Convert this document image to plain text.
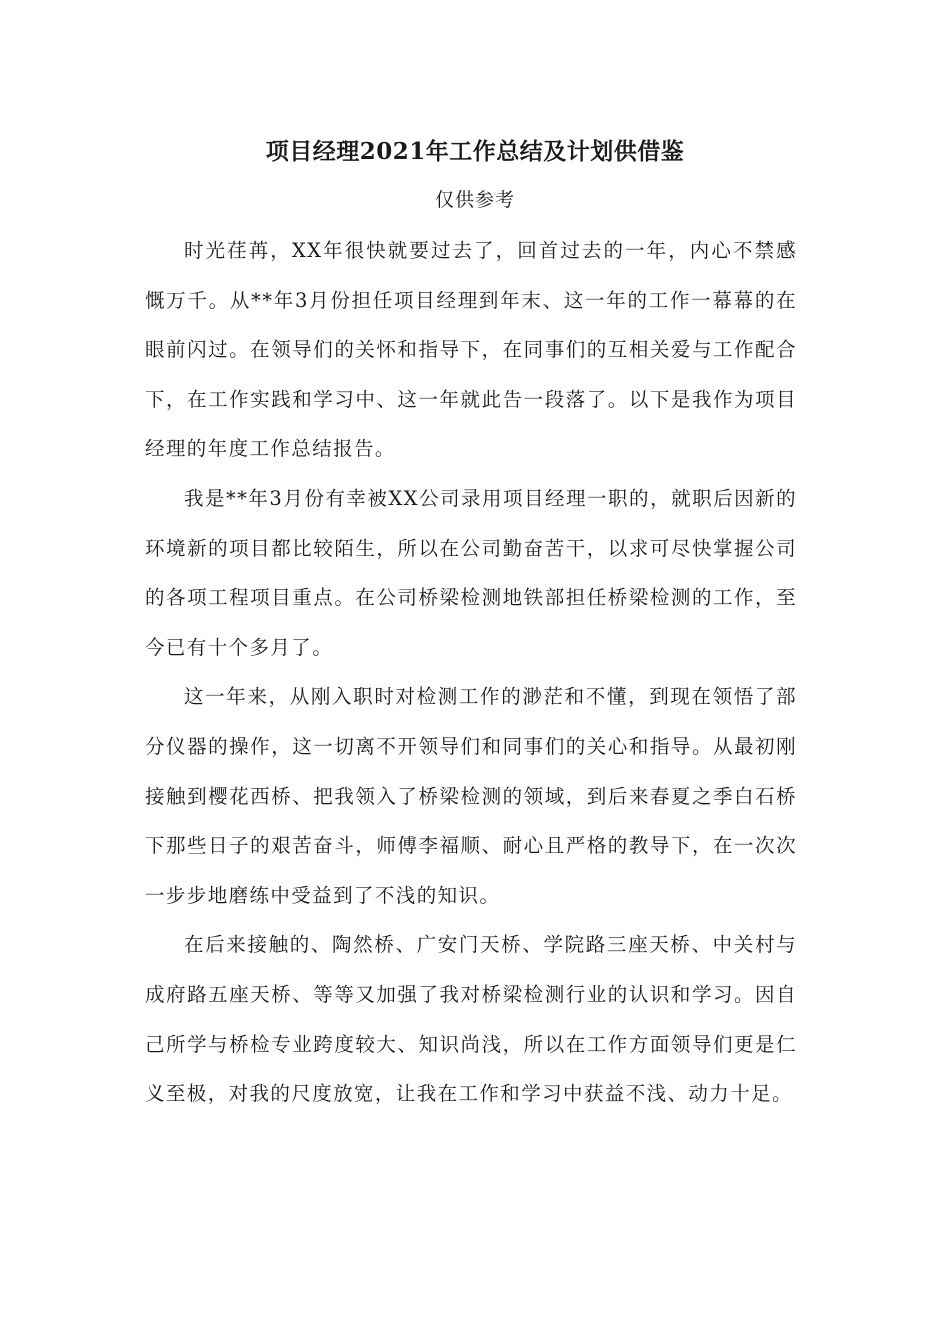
项目经理2021年工作总结及计划供借鉴
仅供参考

时光荏苒，XX年很快就要过去了，回首过去的一年，内心不禁感慨万千。从**年3月份担任项目经理到年末、这一年的工作一幕幕的在眼前闪过。在领导们的关怀和指导下，在同事们的互相关爱与工作配合下，在工作实践和学习中、这一年就此告一段落了。以下是我作为项目经理的年度工作总结报告。

我是**年3月份有幸被XX公司录用项目经理一职的，就职后因新的环境新的项目都比较陌生，所以在公司勤奋苦干，以求可尽快掌握公司的各项工程项目重点。在公司桥梁检测地铁部担任桥梁检测的工作，至今已有十个多月了。

这一年来，从刚入职时对检测工作的渺茫和不懂，到现在领悟了部分仪器的操作，这一切离不开领导们和同事们的关心和指导。从最初刚接触到樱花西桥、把我领入了桥梁检测的领域，到后来春夏之季白石桥下那些日子的艰苦奋斗，师傅李福顺、耐心且严格的教导下，在一次次一步步地磨练中受益到了不浅的知识。

在后来接触的、陶然桥、广安门天桥、学院路三座天桥、中关村与成府路五座天桥、等等又加强了我对桥梁检测行业的认识和学习。因自己所学与桥检专业跨度较大、知识尚浅，所以在工作方面领导们更是仁义至极，对我的尺度放宽，让我在工作和学习中获益不浅、动力十足。
